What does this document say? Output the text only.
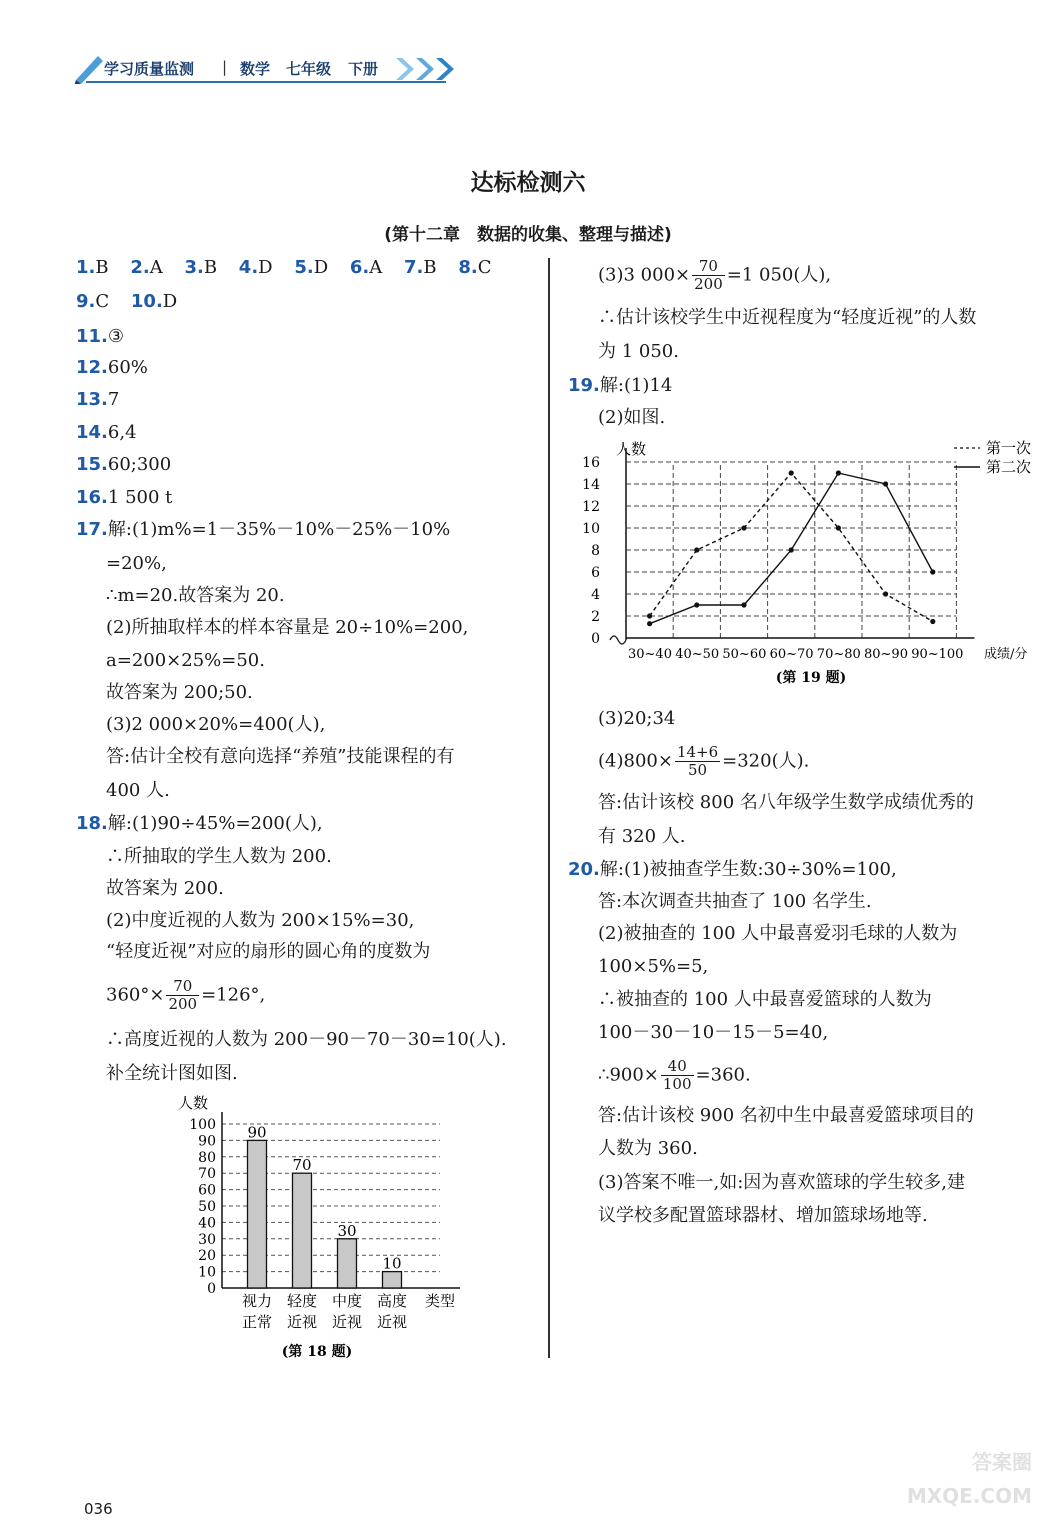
学习质量监测 | 数学 七年级 下册
达标检测六
(第十二章　数据的收集、整理与描述)
1.B 2.A 3.B 4.D 5.D 6.A 7.B 8.C
9.C 10.D
11.③
12.60%
13.7
14.6,4
15.60;300
16.1 500 t
17.解:(1)m%=1－35%－10%－25%－10%
=20%,
∴m=20.故答案为 20.
(2)所抽取样本的样本容量是 20÷10%=200,
a=200×25%=50.
故答案为 200;50.
(3)2 000×20%=400(人),
答:估计全校有意向选择“养殖”技能课程的有
400 人.
18.解:(1)90÷45%=200(人),
∴所抽取的学生人数为 200.
故答案为 200.
(2)中度近视的人数为 200×15%=30,
“轻度近视”对应的扇形的圆心角的度数为
$360^\circ\times \frac{70}{200} =126^\circ$,
∴高度近视的人数为 200－90－70－30=10(人).
补全统计图如图.
人数
0
10
20
30
40
50
60
70
80
90
100 90
视力
正常
70
轻度
近视
30
中度
近视
10
高度
近视
类型
(第 18 题)
(3)3 $000\times \frac{70}{200} =1$ 050(人),
∴估计该校学生中近视程度为“轻度近视”的人数
为 1 050.
19.解:(1)14
(2)如图.
人数
0
2
4
6
8
10
12
14
16
30~40 40~50 50~60 60~70 70~80 80~90 90~100 成绩/分
第一次
第二次
(第 19 题)
(3)20;34
$(4)800\times \frac{14+6}{50} =320$(人).
答:估计该校 800 名八年级学生数学成绩优秀的
有 320 人.
20.解:(1)被抽查学生数:30÷30%=100,
答:本次调查共抽查了 100 名学生.
(2)被抽查的 100 人中最喜爱羽毛球的人数为
100×5%=5,
∴被抽查的 100 人中最喜爱篮球的人数为
100－30－10－15－5=40,
∴900× $\frac{40}{100} =360$.
答:估计该校 900 名初中生中最喜爱篮球项目的
人数为 360.
(3)答案不唯一,如:因为喜欢篮球的学生较多,建
议学校多配置篮球器材、增加篮球场地等.
036
答案圈 MXQE.COM
